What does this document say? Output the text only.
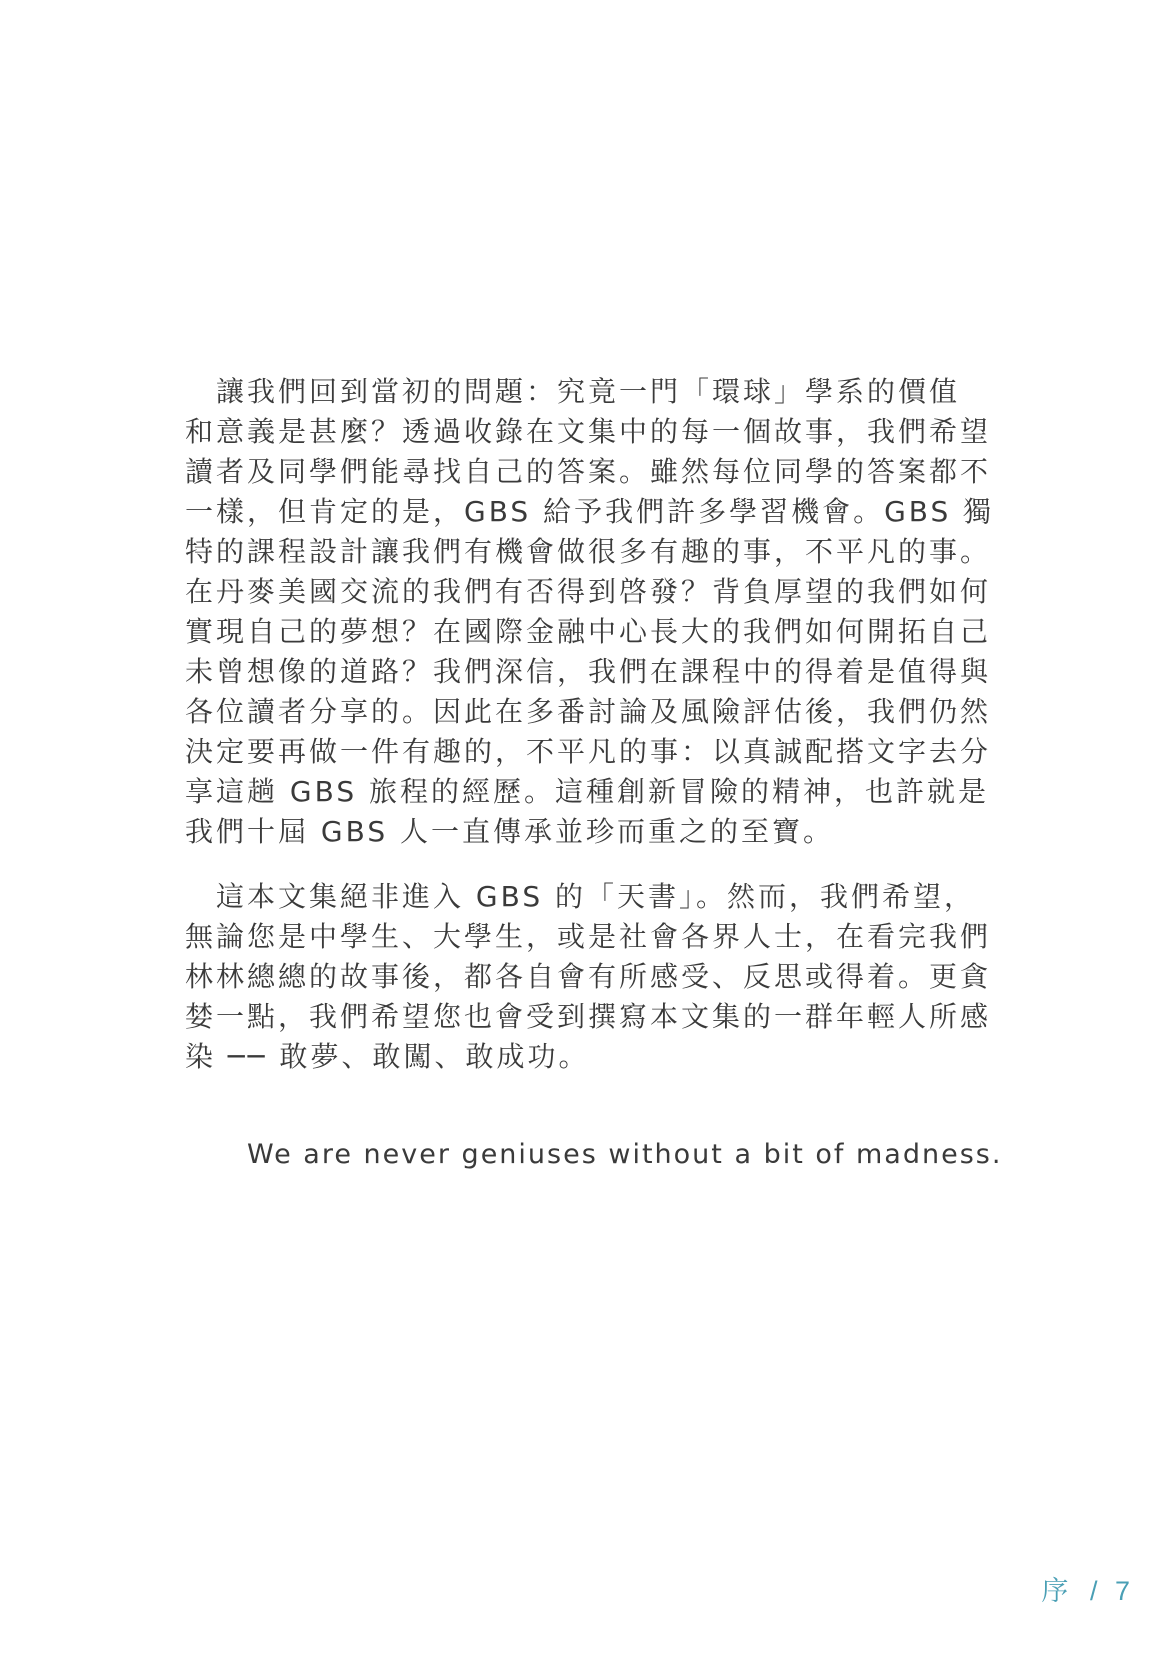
　讓我們回到當初的問題：究竟一門「環球」學系的價值
和意義是甚麼？透過收錄在文集中的每一個故事，我們希望
讀者及同學們能尋找自己的答案。雖然每位同學的答案都不
一樣，但肯定的是，GBS 給予我們許多學習機會。GBS 獨
特的課程設計讓我們有機會做很多有趣的事，不平凡的事。
在丹麥美國交流的我們有否得到啓發？背負厚望的我們如何
實現自己的夢想？在國際金融中心長大的我們如何開拓自己
未曾想像的道路？我們深信，我們在課程中的得着是值得與
各位讀者分享的。因此在多番討論及風險評估後，我們仍然
決定要再做一件有趣的，不平凡的事：以真誠配搭文字去分
享這趟 GBS 旅程的經歷。這種創新冒險的精神，也許就是
我們十屆 GBS 人一直傳承並珍而重之的至寶。
　這本文集絕非進入 GBS 的「天書」。然而，我們希望，
無論您是中學生、大學生，或是社會各界人士，在看完我們
林林總總的故事後，都各自會有所感受、反思或得着。更貪
婪一點，我們希望您也會受到撰寫本文集的一群年輕人所感
染 ── 敢夢、敢闖、敢成功。
We are never geniuses without a bit of madness.
序 / 7
